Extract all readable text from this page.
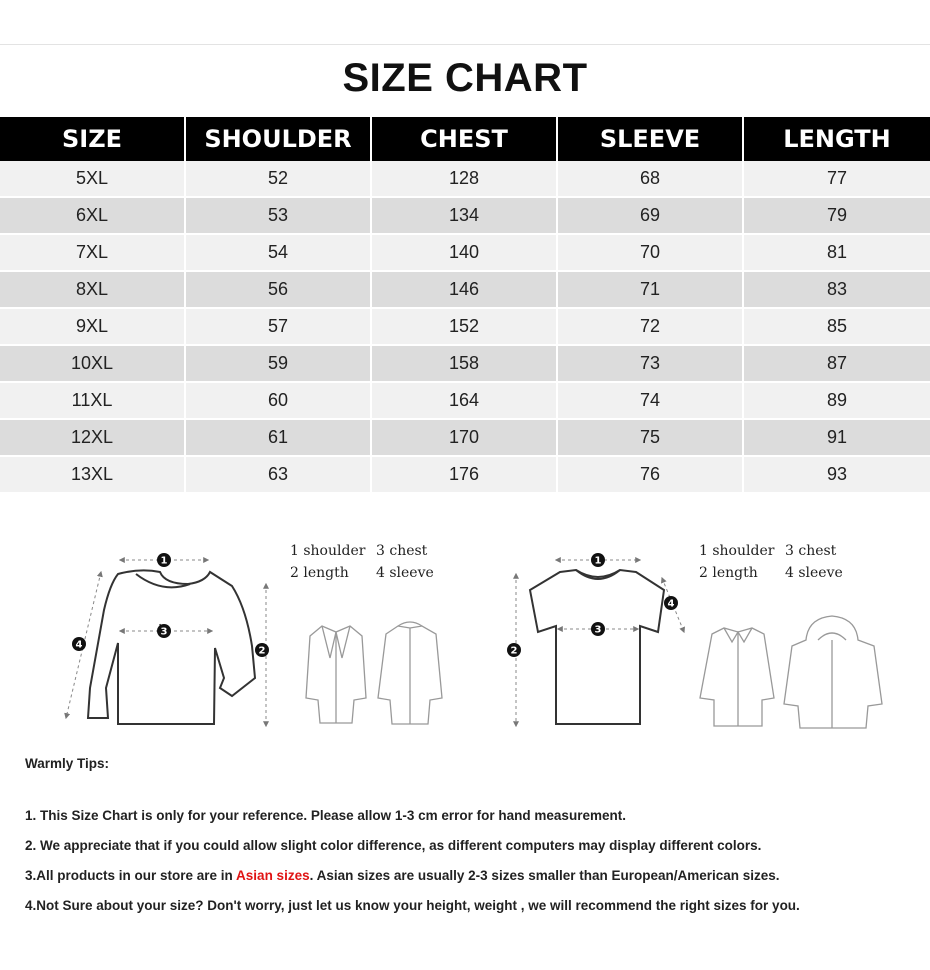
SIZE CHART
SIZE	SHOULDER	CHEST	SLEEVE	LENGTH
5XL	52	128	68	77
6XL	53	134	69	79
7XL	54	140	70	81
8XL	56	146	71	83
9XL	57	152	72	85
10XL	59	158	73	87
11XL	60	164	74	89
12XL	61	170	75	91
13XL	63	176	76	93
1
3
2
4
1
3
2
4
1 shoulder 3 chest
2 length 4 sleeve
1 shoulder 3 chest
2 length 4 sleeve
Warmly Tips:
1. This Size Chart is only for your reference. Please allow 1-3 cm error for hand measurement.
2. We appreciate that if you could allow slight color difference, as different computers may display different colors.
3.All products in our store are in Asian sizes. Asian sizes are usually 2-3 sizes smaller than European/American sizes.
4.Not Sure about your size? Don't worry, just let us know your height, weight , we will recommend the right sizes for you.
